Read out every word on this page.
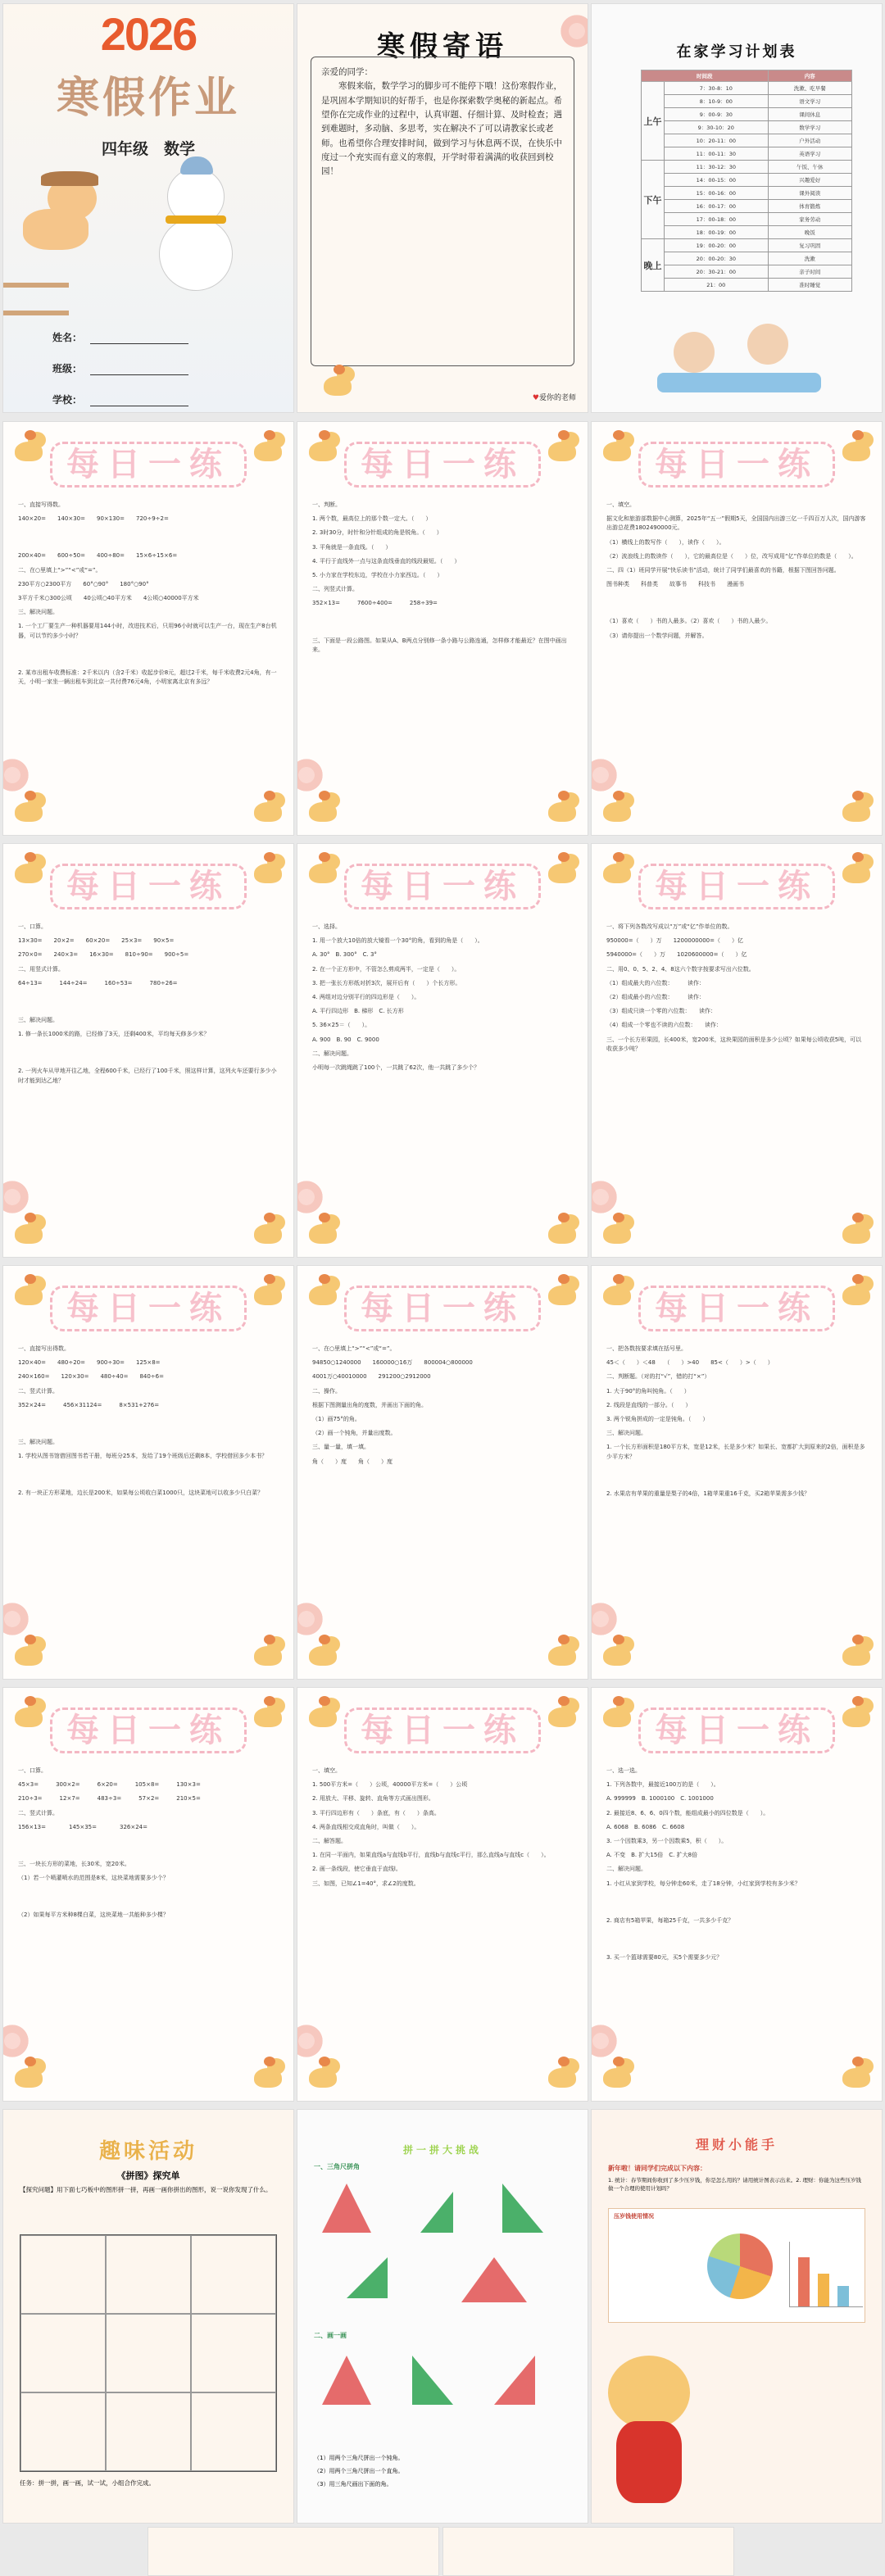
2026
寒假作业
四年级　数学
姓名：
班级：
学校：
寒假寄语
亲爱的同学：
　　寒假来临，数学学习的脚步可不能停下哦！这份寒假作业，是巩固本学期知识的好帮手，也是你探索数学奥秘的新起点。希望你在完成作业的过程中，认真审题、仔细计算、及时检查；遇到难题时，多动脑、多思考，实在解决不了可以请教家长或老师。也希望你合理安排时间，做到学习与休息两不误，在快乐中度过一个充实而有意义的寒假，开学时带着满满的收获回到校园！
♥爱你的老师
在家学习计划表
时间段		内容
上午	7：30-8：10	洗漱、吃早餐
	8：10-9：00	语文学习
	9：00-9：30	课间休息
	9：30-10：20	数学学习
	10：20-11：00	户外活动
	11：00-11：30	英语学习
下午	11：30-12：30	午饭、午休
	14：00-15：00	兴趣爱好
	15：00-16：00	课外阅读
	16：00-17：00	体育锻炼
	17：00-18：00	家务劳动
	18：00-19：00	晚饭
晚上	19：00-20：00	复习巩固
	20：00-20：30	洗漱
	20：30-21：00	亲子时间
	21：00	准时睡觉
每日一练
一、直接写得数。
140×20=　　140×30=　　90×130=　　720÷9÷2=
200×40=　　600÷50=　　400÷80=　　15×6÷15×6=
二、在○里填上“>”“<”或“=”。
230平方○2300平方　　60°○90°　　180°○90°
3平方千米○300公顷　　40公顷○40平方米　　4公顷○40000平方米
三、解决问题。
1. 一个工厂要生产一种机器要用144小时，改进技术后，只用96小时就可以生产一台，现在生产8台机器，可以节约多少小时？
2. 某市出租车收费标准：2千米以内（含2千米）收起步价8元，超过2千米，每千米收费2元4角，有一天，小明一家坐一辆出租车到北京一共付费76元4角，小明家离北京有多远？
每日一练
一、判断。
1. 两个数，最高位上的那个数一定大。（　　）
2. 3时30分，时针和分针组成的角是锐角。（　　）
3. 平角就是一条直线。（　　）
4. 平行于直线外一点与这条直线垂直的线段最短。（　　）
5. 小力家在学校东边，学校在小力家西边。（　　）
二、列竖式计算。
352×13=　　　7600÷400=　　　258÷39=
三、下面是一段公路图。如果从A、B两点分别修一条小路与公路连通，怎样修才能最近？在图中画出来。
每日一练
一、填空。
据文化和旅游部数据中心测算，2025年“五一”假期5天，全国国内出游三亿一千四百万人次，国内游客出游总花费1802490000元。
（1）横线上的数写作（　　），读作（　　）。
（2）波浪线上的数读作（　　），它的最高位是（　　）位，改写成用“亿”作单位的数是（　　）。
二、四（1）班同学开展“快乐读书”活动，统计了同学们最喜欢的书籍，根据下图回答问题。
图书种类　　科普类　　故事书　　科技书　　漫画书
（1）喜欢（　　）书的人最多。（2）喜欢（　　）书的人最少。
（3）请你提出一个数学问题，并解答。
每日一练
一、口算。
13×30=　　20×2=　　60×20=　　25×3=　　90×5=
270×0=　　240×3=　　16×30=　　810÷90=　　900÷5=
二、用竖式计算。
64÷13=　　　144÷24=　　　160÷53=　　　780÷26=
三、解决问题。
1. 修一条长1000米的路，已经修了3天，还剩400米，平均每天修多少米？
2. 一列火车从甲地开往乙地，全程600千米，已经行了100千米，照这样计算，这列火车还要行多少小时才能到达乙地？
每日一练
一、选择。
1. 用一个放大10倍的放大镜看一个30°的角，看到的角是（　　）。
A. 30°　B. 300°　C. 3°
2. 在一个正方形中，不管怎么剪成两半，一定是（　　）。
3. 把一张长方形纸对折3次，展开后有（　　）个长方形。
4. 两组对边分别平行的四边形是（　　）。
A. 平行四边形　B. 梯形　C. 长方形
5. 36×25＝（　　）。
A. 900　B. 90　C. 9000
二、解决问题。
小明每一次跳绳跳了100个，一共跳了62次，他一共跳了多少个？
每日一练
一、将下列各数改写成以“万”或“亿”作单位的数。
950000=（　　）万　　1200000000=（　　）亿
5940000=（　　）万　　1020600000=（　　）亿
二、用0、0、5、2、4、8这六个数字按要求写出六位数。
（1）组成最大的六位数：　　　读作：
（2）组成最小的六位数：　　　读作：
（3）组成只读一个零的六位数：　　读作：
（4）组成一个零也不读的六位数：　　读作：
三、一个长方形果园，长400米，宽200米，这块果园的面积是多少公顷？如果每公顷收获5吨，可以收获多少吨？
每日一练
一、直接写出得数。
120×40=　　480÷20=　　900÷30=　　125×8=
240×160=　　120×30=　　480÷40=　　840÷6=
二、竖式计算。
352×24=　　　456×31124=　　　8×531+276=
三、解决问题。
1. 学校从图书馆借回图书若干册，每班分25本，发给了19个班级后还剩8本，学校借回多少本书？
2. 有一块正方形菜地，边长是200米，如果每公顷收白菜1000只，这块菜地可以收多少只白菜？
每日一练
一、在○里填上“>”“<”或“=”。
94850○1240000　　160000○16万　　800004○800000
4001万○40010000　　291200○2912000
二、操作。
根据下图测量出角的度数，并画出下面的角。
（1）画75°的角。
（2）画一个钝角，并量出度数。
三、量一量，填一填。
角（　　）度　　角（　　）度
每日一练
一、把各数按要求填在括号里。
45＜（　　）＜48　　（　　）>40　　85<（　　）>（　　）
二、判断题。（对的打“√”，错的打“×”）
1. 大于90°的角叫钝角。（　　）
2. 线段是直线的一部分。（　　）
3. 两个锐角拼成的一定是钝角。（　　）
三、解决问题。
1. 一个长方形面积是180平方米，宽是12米，长是多少米？如果长、宽都扩大到原来的2倍，面积是多少平方米？
2. 水果店有苹果的重量是梨子的4倍，1箱苹果重16千克，买2箱苹果需多少钱？
每日一练
一、口算。
45×3=　　　300×2=　　　6×20=　　　105×8=　　　130×3=
210÷3=　　　12×7=　　　483÷3=　　　57×2=　　　210×5=
二、竖式计算。
156×13=　　　　145×35=　　　　326×24=
三、一块长方形的菜地，长30米，宽20米。
（1）若一个喷灌喷水的范围是8米，这块菜地需要多少个？
（2）如果每平方米种8棵白菜，这块菜地一共能种多少棵？
每日一练
一、填空。
1. 500平方米=（　　）公顷，40000平方米=（　　）公顷
2. 用放大、平移、旋转、直角等方式画出图形。
3. 平行四边形有（　　）条底，有（　　）条高。
4. 两条直线相交成直角时，叫做（　　）。
二、解答题。
1. 在同一平面内，如果直线a与直线b平行，直线b与直线c平行，那么直线a与直线c（　　）。
2. 画一条线段，使它垂直于直线l。
三、如图，已知∠1=40°，求∠2的度数。
每日一练
一、选一选。
1. 下列各数中，最接近100万的是（　　）。
A. 999999　B. 1000100　C. 1001000
2. 最接近8、6、6、0四个数，能组成最小的四位数是（　　）。
A. 6068　B. 6086　C. 6608
3. 一个因数乘3，另一个因数乘5，积（　　）。
A. 不变　B. 扩大15倍　C. 扩大8倍
二、解决问题。
1. 小红从家到学校，每分钟走60米，走了18分钟，小红家到学校有多少米？
2. 商店有5箱苹果，每箱25千克，一共多少千克？
3. 买一个篮球需要80元，买5个需要多少元？
趣味活动
《拼图》探究单
【探究问题】用下面七巧板中的图形拼一拼，再画一画你拼出的图形，说一说你发现了什么。
任务：拼一拼，画一画，试一试，小组合作完成。
拼一拼大挑战
一、三角尺拼角
二、画一画
（1）用两个三角尺拼出一个钝角。
（2）用两个三角尺拼出一个直角。
（3）用三角尺画出下面的角。
理财小能手
新年啦！请同学们完成以下内容：
1. 统计：春节期间你收到了多少压岁钱，你是怎么用的？请用统计图表示出来。2. 理财：你能为这些压岁钱做一个合理的使用计划吗？
压岁钱使用情况
